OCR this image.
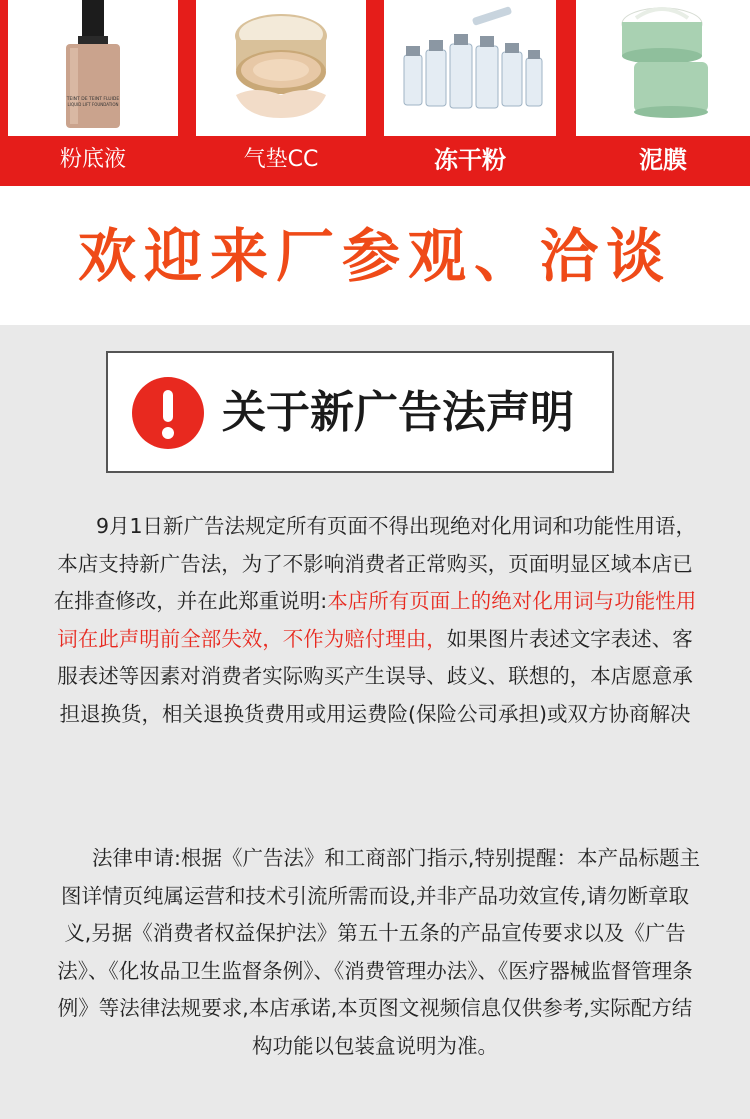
TEINT DE TEINT FLUIDE
LIQUID LIFT FOUNDATION
粉底液	气垫CC	冻干粉	泥膜
欢迎来厂参观、洽谈
关于新广告法声明
9月1日新广告法规定所有页面不得出现绝对化用词和功能性用语，本店支持新广告法，为了不影响消费者正常购买，页面明显区域本店已在排查修改，并在此郑重说明:本店所有页面上的绝对化用词与功能性用词在此声明前全部失效，不作为赔付理由，如果图片表述文字表述、客服表述等因素对消费者实际购买产生误导、歧义、联想的，本店愿意承担退换货，相关退换货费用或用运费险(保险公司承担)或双方协商解决
法律申请:根据《广告法》和工商部门指示,特别提醒：本产品标题主图详情页纯属运营和技术引流所需而设,并非产品功效宣传,请勿断章取义,另据《消费者权益保护法》第五十五条的产品宣传要求以及《广告法》、《化妆品卫生监督条例》、《消费管理办法》、《医疗器械监督管理条例》等法律法规要求,本店承诺,本页图文视频信息仅供参考,实际配方结构功能以包装盒说明为准。
